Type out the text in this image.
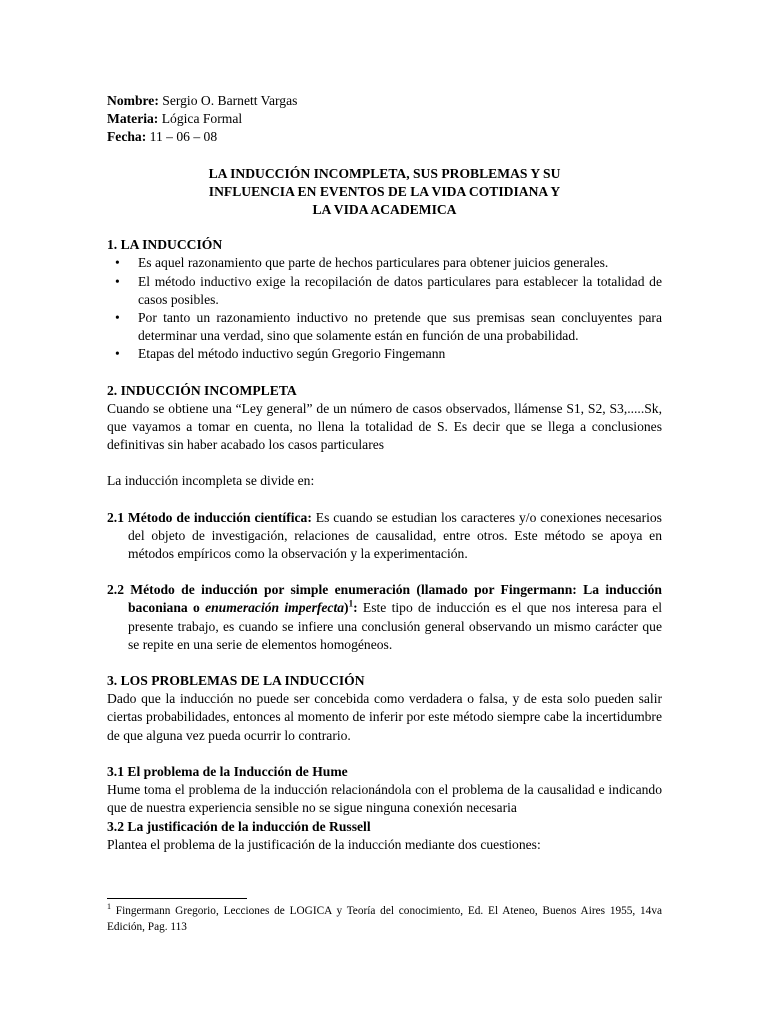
Nombre: Sergio O. Barnett Vargas

Materia: Lógica Formal

Fecha: 11 – 06 – 08

LA INDUCCIÓN INCOMPLETA, SUS PROBLEMAS Y SU

INFLUENCIA EN EVENTOS DE LA VIDA COTIDIANA Y

LA VIDA ACADEMICA

1. LA INDUCCIÓN
• Es aquel razonamiento que parte de hechos particulares para obtener juicios generales.
• El método inductivo exige la recopilación de datos particulares para establecer la totalidad de casos posibles.
• Por tanto un razonamiento inductivo no pretende que sus premisas sean concluyentes para determinar una verdad, sino que solamente están en función de una probabilidad.
• Etapas del método inductivo según Gregorio Fingemann
2. INDUCCIÓN INCOMPLETA

Cuando se obtiene una “Ley general” de un número de casos observados, llámense S1, S2, S3,.....Sk, que vayamos a tomar en cuenta, no llena la totalidad de S. Es decir que se llega a conclusiones definitivas sin haber acabado los casos particulares

La inducción incompleta se divide en:

2.1 Método de inducción científica: Es cuando se estudian los caracteres y/o conexiones necesarios del objeto de investigación, relaciones de causalidad, entre otros. Este método se apoya en métodos empíricos como la observación y la experimentación.

2.2 Método de inducción por simple enumeración (llamado por Fingermann: La inducción baconiana o enumeración imperfecta)$^1$: Este tipo de inducción es el que nos interesa para el presente trabajo, es cuando se infiere una conclusión general observando un mismo carácter que se repite en una serie de elementos homogéneos.

3. LOS PROBLEMAS DE LA INDUCCIÓN

Dado que la inducción no puede ser concebida como verdadera o falsa, y de esta solo pueden salir ciertas probabilidades, entonces al momento de inferir por este método siempre cabe la incertidumbre de que alguna vez pueda ocurrir lo contrario.

3.1 El problema de la Inducción de Hume

Hume toma el problema de la inducción relacionándola con el problema de la causalidad e indicando que de nuestra experiencia sensible no se sigue ninguna conexión necesaria

3.2 La justificación de la inducción de Russell

Plantea el problema de la justificación de la inducción mediante dos cuestiones:

$^1$ Fingermann Gregorio, Lecciones de LOGICA y Teoría del conocimiento, Ed. El Ateneo, Buenos Aires 1955, 14va Edición, Pag. 113
